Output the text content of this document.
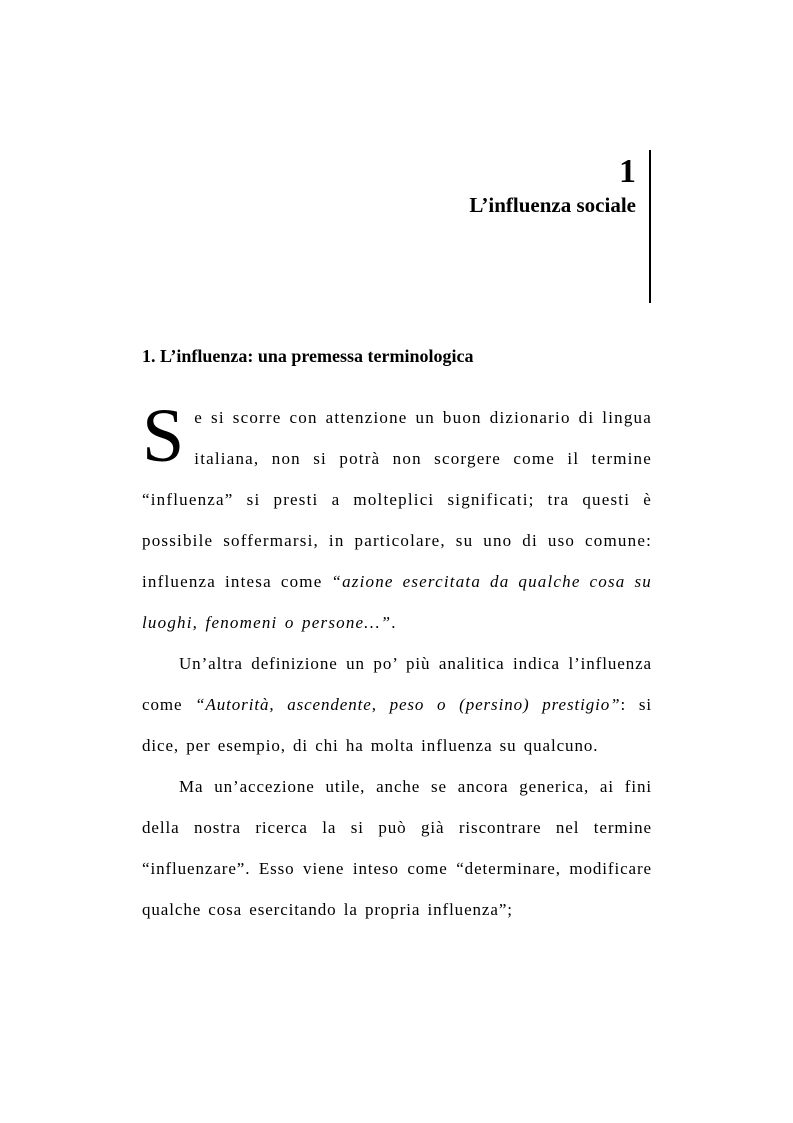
1
L’influenza sociale
1. L’influenza: una premessa terminologica

Se si scorre con attenzione un buon dizionario di lingua italiana, non si potrà non scorgere come il termine “influenza” si presti a molteplici significati; tra questi è possibile soffermarsi, in particolare, su uno di uso comune: influenza intesa come “azione esercitata da qualche cosa su luoghi, fenomeni o persone…”.

Un’altra definizione un po’ più analitica indica l’influenza come “Autorità, ascendente, peso o (persino) prestigio”: si dice, per esempio, di chi ha molta influenza su qualcuno.

Ma un’accezione utile, anche se ancora generica, ai fini della nostra ricerca la si può già riscontrare nel termine “influenzare”. Esso viene inteso come “determinare, modificare qualche cosa esercitando la propria influenza”;
